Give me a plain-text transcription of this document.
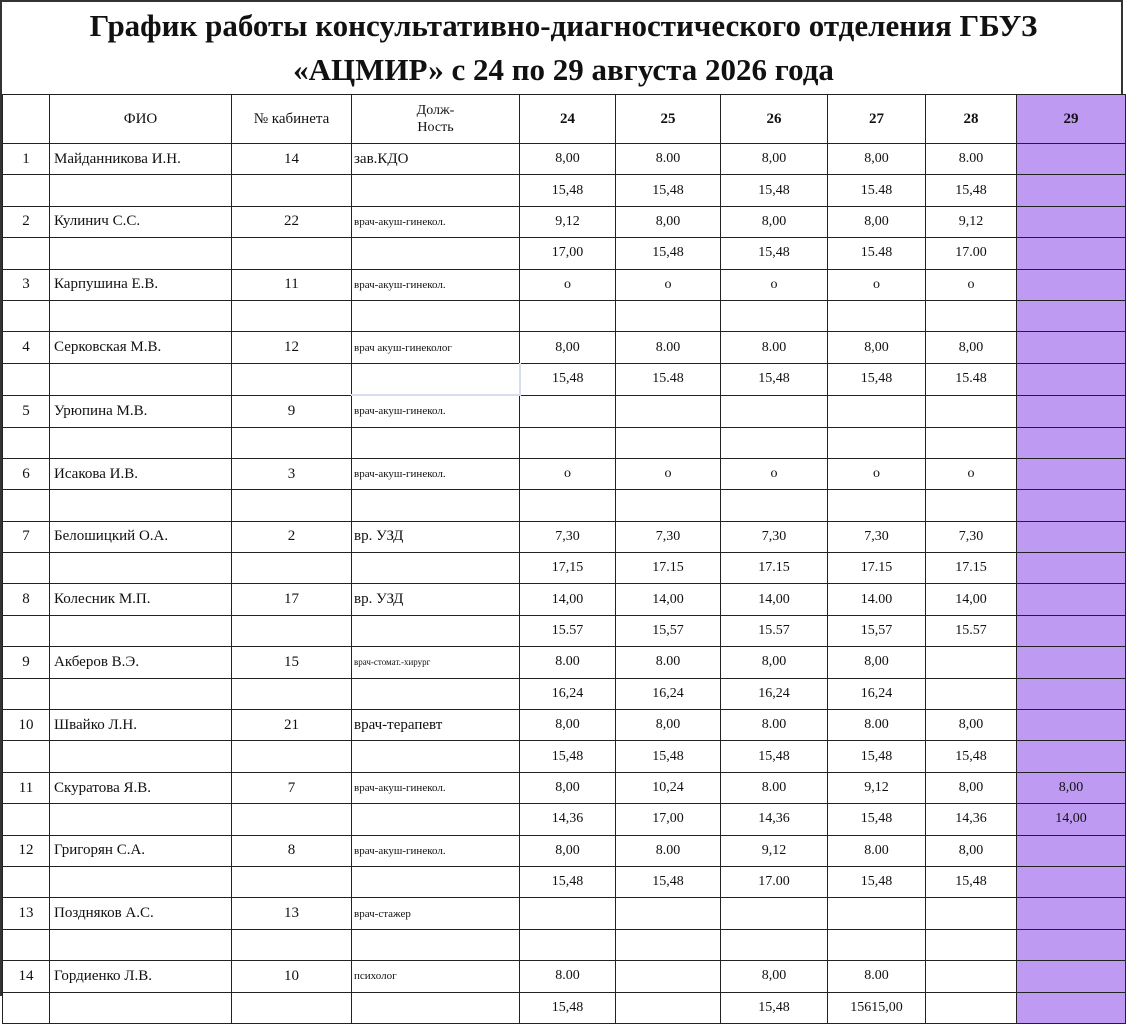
График работы консультативно-диагностического отделения ГБУЗ
«АЦМИР» с 24 по 29 августа 2026 года
	ФИО	№ кабинета	Долж-
Ность	24	25	26	27	28	29
1	Майданникова И.Н.	14	зав.КДО	8,00	8.00	8,00	8,00	8.00	
				15,48	15,48	15,48	15.48	15,48	
2	Кулинич С.С.	22	врач-акуш-гинекол.	9,12	8,00	8,00	8,00	9,12	
				17,00	15,48	15,48	15.48	17.00	
3	Карпушина Е.В.	11	врач-акуш-гинекол.	о	о	о	о	о	

4	Серковская М.В.	12	врач акуш-гинеколог	8,00	8.00	8.00	8,00	8,00	
				15,48	15.48	15,48	15,48	15.48	
5	Урюпина М.В.	9	врач-акуш-гинекол.						

6	Исакова И.В.	3	врач-акуш-гинекол.	о	о	о	о	о	

7	Белошицкий О.А.	2	вр. УЗД	7,30	7,30	7,30	7,30	7,30	
				17,15	17.15	17.15	17.15	17.15	
8	Колесник М.П.	17	вр. УЗД	14,00	14,00	14,00	14.00	14,00	
				15.57	15,57	15.57	15,57	15.57	
9	Акберов В.Э.	15	врач-стомат.-хирург	8.00	8.00	8,00	8,00		
				16,24	16,24	16,24	16,24		
10	Швайко Л.Н.	21	врач-терапевт	8,00	8,00	8.00	8.00	8,00	
				15,48	15,48	15,48	15,48	15,48	
11	Скуратова Я.В.	7	врач-акуш-гинекол.	8,00	10,24	8.00	9,12	8,00	8,00
				14,36	17,00	14,36	15,48	14,36	14,00
12	Григорян С.А.	8	врач-акуш-гинекол.	8,00	8.00	9,12	8.00	8,00	
				15,48	15,48	17.00	15,48	15,48	
13	Поздняков А.С.	13	врач-стажер						

14	Гордиенко Л.В.	10	психолог	8.00		8,00	8.00		
				15,48		15,48	15615,00		
